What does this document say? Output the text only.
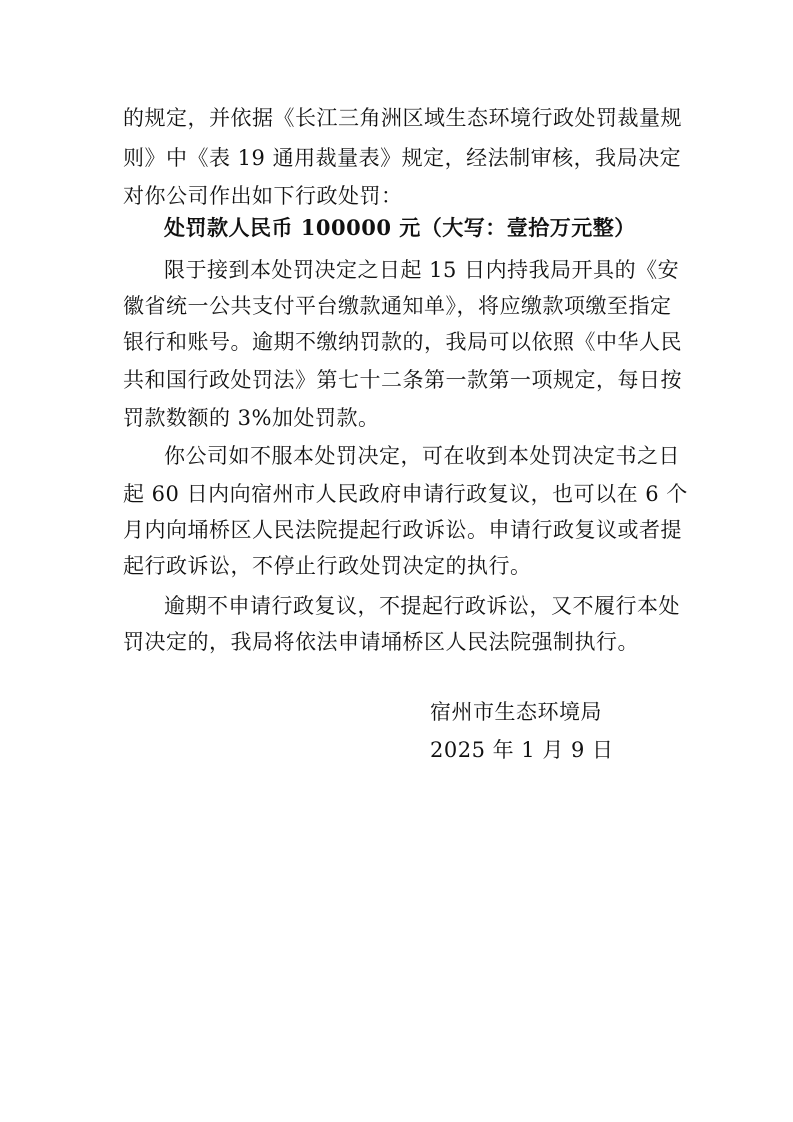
的规定，并依据《长江三角洲区域生态环境行政处罚裁量规
则》中《表 19 通用裁量表》规定，经法制审核，我局决定
对你公司作出如下行政处罚：
处罚款人民币 100000 元（大写：壹拾万元整）
限于接到本处罚决定之日起 15 日内持我局开具的《安
徽省统一公共支付平台缴款通知单》，将应缴款项缴至指定
银行和账号。逾期不缴纳罚款的，我局可以依照《中华人民
共和国行政处罚法》第七十二条第一款第一项规定，每日按
罚款数额的 3%加处罚款。
你公司如不服本处罚决定，可在收到本处罚决定书之日
起 60 日内向宿州市人民政府申请行政复议，也可以在 6 个
月内向埇桥区人民法院提起行政诉讼。申请行政复议或者提
起行政诉讼，不停止行政处罚决定的执行。
逾期不申请行政复议，不提起行政诉讼，又不履行本处
罚决定的，我局将依法申请埇桥区人民法院强制执行。
宿州市生态环境局
2025 年 1 月 9 日
